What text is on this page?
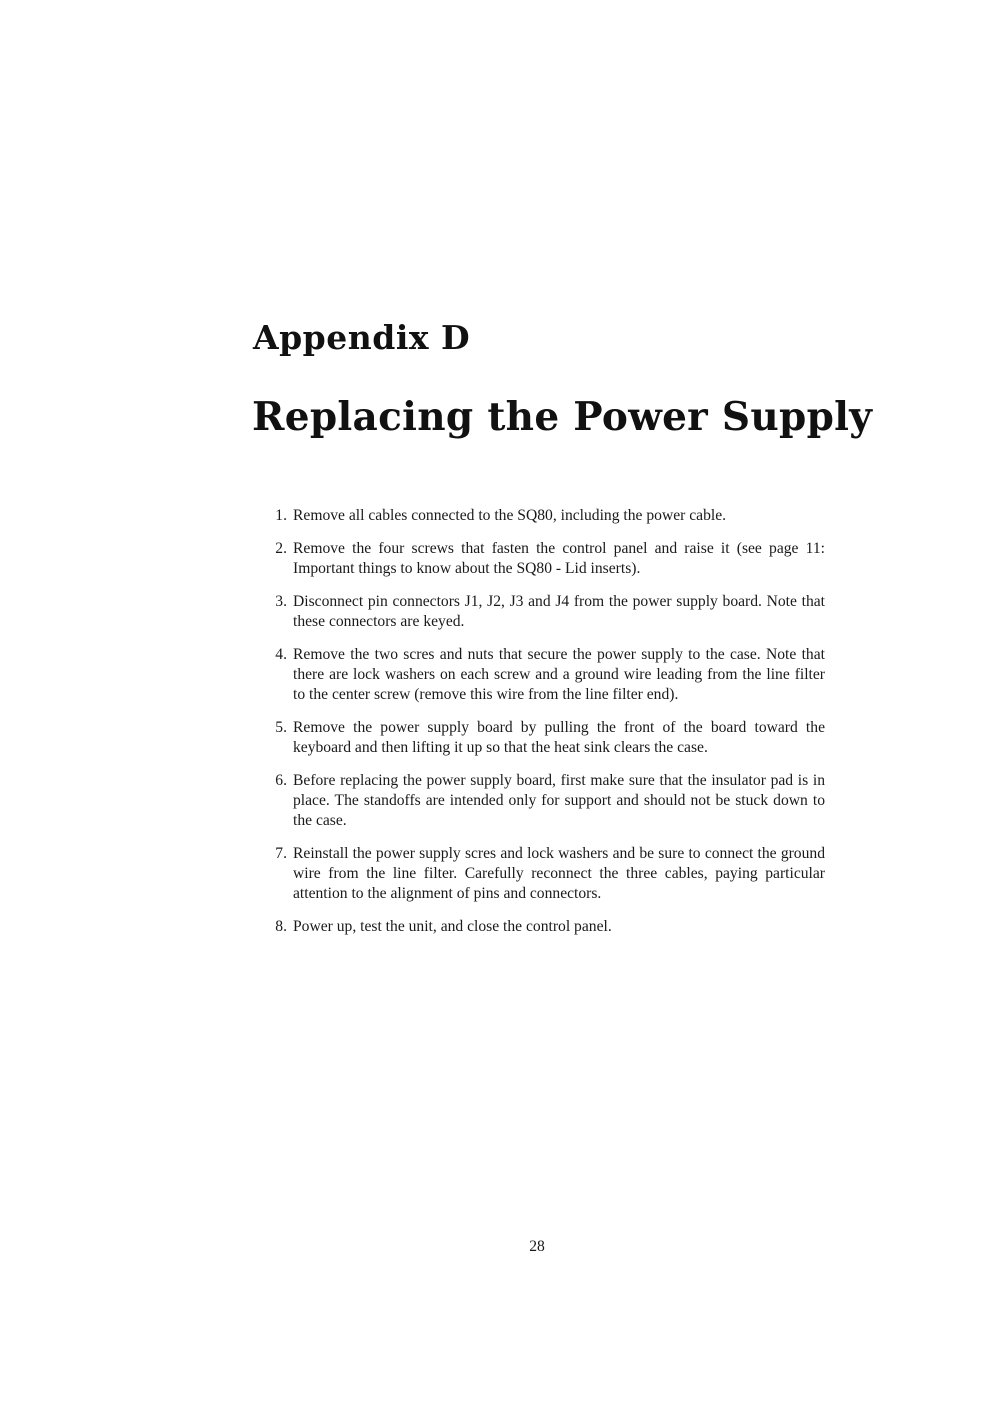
Appendix D
Replacing the Power Supply
1. Remove all cables connected to the SQ80, including the power cable.
2. Remove the four screws that fasten the control panel and raise it (see page 11: Important things to know about the SQ80 - Lid inserts).
3. Disconnect pin connectors J1, J2, J3 and J4 from the power supply board. Note that these connectors are keyed.
4. Remove the two scres and nuts that secure the power supply to the case. Note that there are lock washers on each screw and a ground wire leading from the line filter to the center screw (remove this wire from the line filter end).
5. Remove the power supply board by pulling the front of the board toward the keyboard and then lifting it up so that the heat sink clears the case.
6. Before replacing the power supply board, first make sure that the insulator pad is in place. The standoffs are intended only for support and should not be stuck down to the case.
7. Reinstall the power supply scres and lock washers and be sure to connect the ground wire from the line filter. Carefully reconnect the three cables, paying particular attention to the alignment of pins and connectors.
8. Power up, test the unit, and close the control panel.
28
